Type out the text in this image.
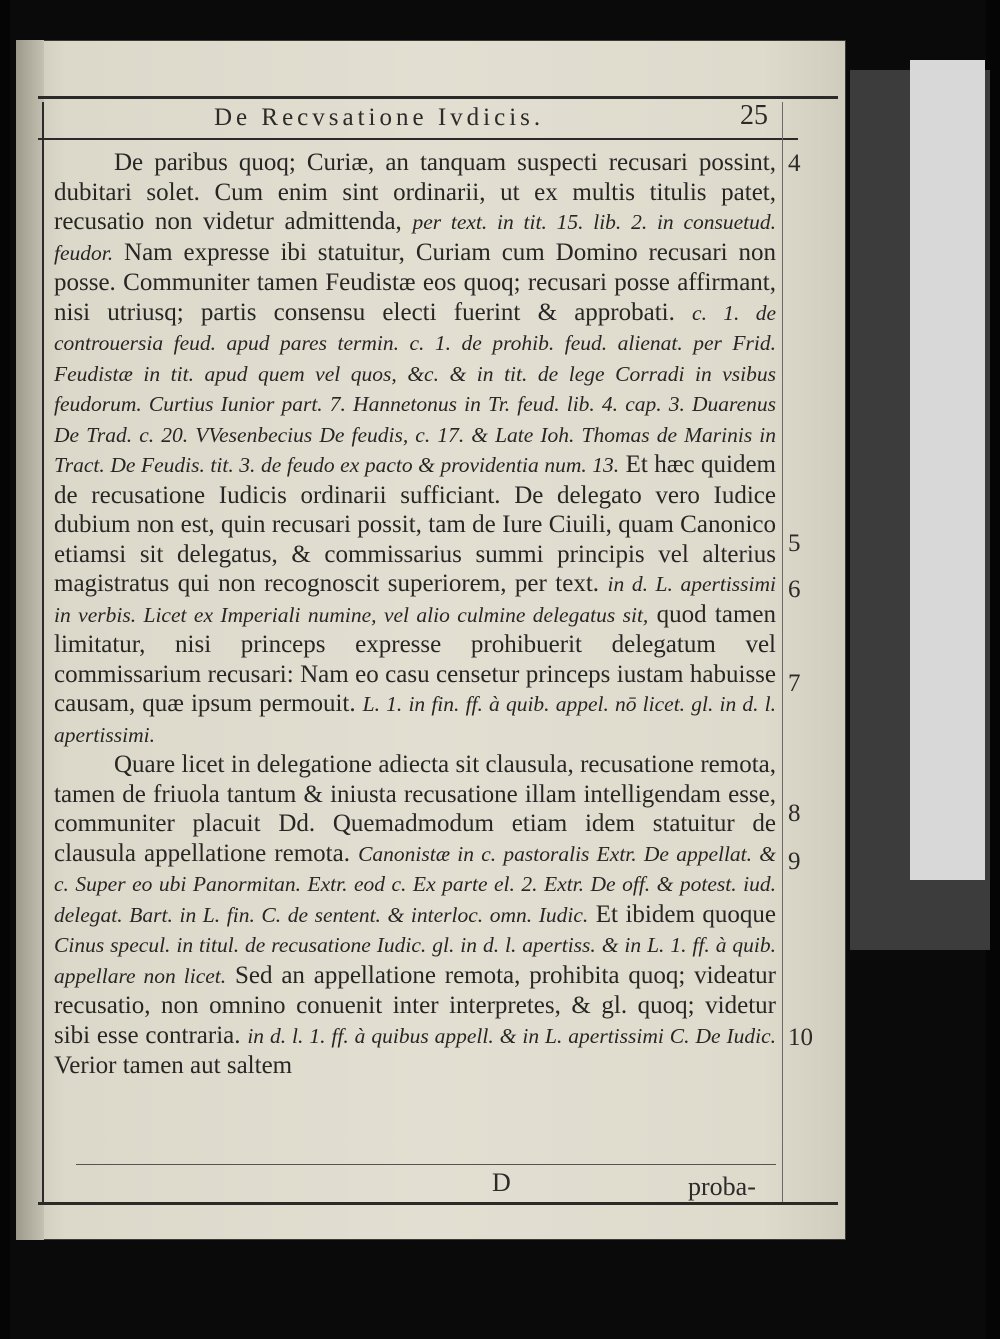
De Recvsatione Ivdicis.	25

De paribus quoq; Curiæ, an tanquam suspecti recusari possint, dubitari solet. Cum enim sint ordinarii, ut ex multis titulis patet, recusatio non videtur admittenda, per text. in tit. 15. lib. 2. in consuetud. feudor. Nam expresse ibi statuitur, Curiam cum Domino recusari non posse. Communiter tamen Feudistæ eos quoq; recusari posse affirmant, nisi utriusq; partis consensu electi fuerint & approbati. c. 1. de controuersia feud. apud pares termin. c. 1. de prohib. feud. alienat. per Frid. Feudistæ in tit. apud quem vel quos, &c. & in tit. de lege Corradi in vsibus feudorum. Curtius Iunior part. 7. Hannetonus in Tr. feud. lib. 4. cap. 3. Duarenus De Trad. c. 20. VVesenbecius De feudis, c. 17. & Late Ioh. Thomas de Marinis in Tract. De Feudis. tit. 3. de feudo ex pacto & providentia num. 13. Et hæc quidem de recusatione Iudicis ordinarii sufficiant. De delegato vero Iudice dubium non est, quin recusari possit, tam de Iure Ciuili, quam Canonico etiamsi sit delegatus, & commissarius summi principis vel alterius magistratus qui non recognoscit superiorem, per text. in d. L. apertissimi in verbis. Licet ex Imperiali numine, vel alio culmine delegatus sit, quod tamen limitatur, nisi princeps expresse prohibuerit delegatum vel commissarium recusari: Nam eo casu censetur princeps iustam habuisse causam, quæ ipsum permouit. L. 1. in fin. ff. à quib. appel. nō licet. gl. in d. l. apertissimi.

Quare licet in delegatione adiecta sit clausula, recusatione remota, tamen de friuola tantum & iniusta recusatione illam intelligendam esse, communiter placuit Dd. Quemadmodum etiam idem statuitur de clausula appellatione remota. Canonistæ in c. pastoralis Extr. De appellat. & c. Super eo ubi Panormitan. Extr. eod c. Ex parte el. 2. Extr. De off. & potest. iud. delegat. Bart. in L. fin. C. de sentent. & interloc. omn. Iudic. Et ibidem quoque Cinus specul. in titul. de recusatione Iudic. gl. in d. l. apertiss. & in L. 1. ff. à quib. appellare non licet. Sed an appellatione remota, prohibita quoq; videatur recusatio, non omnino conuenit inter interpretes, & gl. quoq; videtur sibi esse contraria. in d. l. 1. ff. à quibus appell. & in L. apertissimi C. De Iudic. Verior tamen aut saltem

4
5
6
7
8
9
10
D	proba-
